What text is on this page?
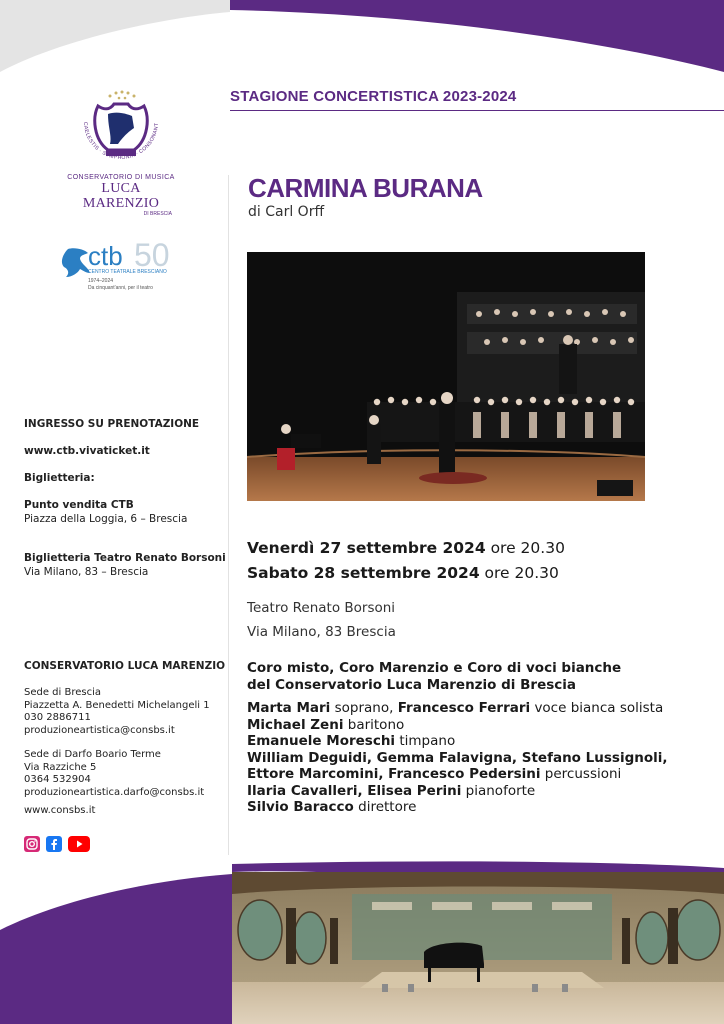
STAGIONE CONCERTISTICA 2023-2024
CAELESTIS · SYMPHONIA · CONSONANT
CONSERVATORIO DI MUSICA
LUCA MARENZIO
DI BRESCIA
ctb 50
CENTRO TEATRALE BRESCIANO
1974–2024
Da cinquant'anni, per il teatro
CARMINA BURANA
di Carl Orff
Venerdì 27 settembre 2024 ore 20.30
Sabato 28 settembre 2024 ore 20.30
Teatro Renato Borsoni
Via Milano, 83 Brescia
Coro misto, Coro Marenzio e Coro di voci bianche
del Conservatorio Luca Marenzio di Brescia
Marta Mari soprano, Francesco Ferrari voce bianca solista
Michael Zeni baritono
Emanuele Moreschi timpano
William Deguidi, Gemma Falavigna, Stefano Lussignoli,
Ettore Marcomini, Francesco Pedersini percussioni
Ilaria Cavalleri, Elisea Perini pianoforte
Silvio Baracco direttore
INGRESSO SU PRENOTAZIONE
www.ctb.vivaticket.it
Biglietteria:
Punto vendita CTB
Piazza della Loggia, 6 – Brescia
Biglietteria Teatro Renato Borsoni
Via Milano, 83 – Brescia
CONSERVATORIO LUCA MARENZIO
Sede di Brescia
Piazzetta A. Benedetti Michelangeli 1
030 2886711
produzioneartistica@consbs.it
Sede di Darfo Boario Terme
Via Razziche 5
0364 532904
produzioneartistica.darfo@consbs.it
www.consbs.it
